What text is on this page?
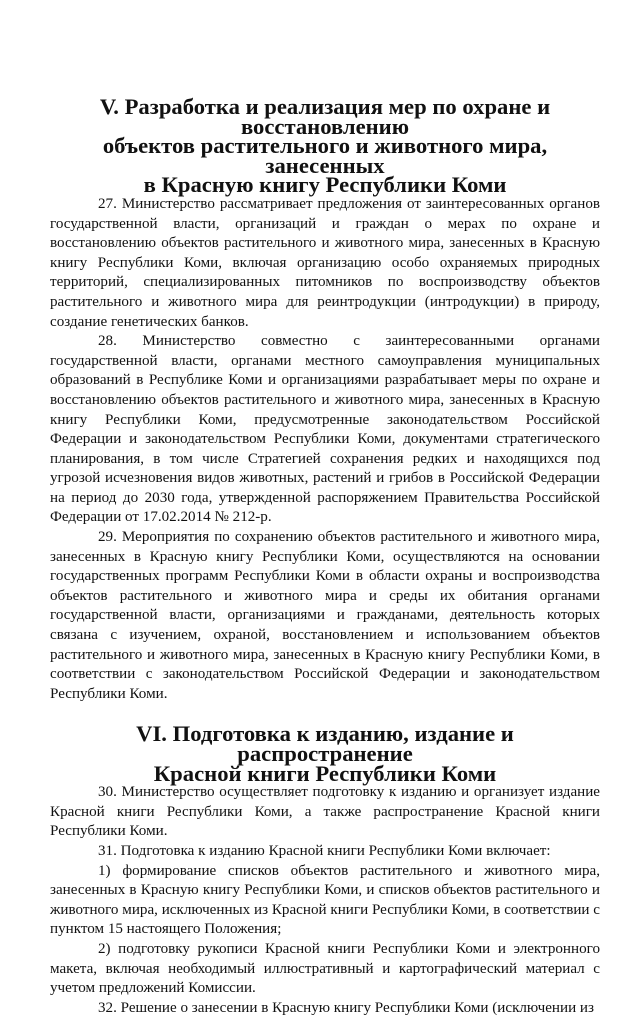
V. Разработка и реализация мер по охране и восстановлению
объектов растительного и животного мира, занесенных
в Красную книгу Республики Коми

27. Министерство рассматривает предложения от заинтересованных органов государственной власти, организаций и граждан о мерах по охране и восстановлению объектов растительного и животного мира, занесенных в Красную книгу Республики Коми, включая организацию особо охраняемых природных территорий, специализированных питомников по воспроизводству объектов растительного и животного мира для реинтродукции (интродукции) в природу, создание генетических банков.

28. Министерство совместно с заинтересованными органами государственной власти, органами местного самоуправления муниципальных образований в Республике Коми и организациями разрабатывает меры по охране и восстановлению объектов растительного и животного мира, занесенных в Красную книгу Республики Коми, предусмотренные законодательством Российской Федерации и законодательством Республики Коми, документами стратегического планирования, в том числе Стратегией сохранения редких и находящихся под угрозой исчезновения видов животных, растений и грибов в Российской Федерации на период до 2030 года, утвержденной распоряжением Правительства Российской Федерации от 17.02.2014 № 212-р.

29. Мероприятия по сохранению объектов растительного и животного мира, занесенных в Красную книгу Республики Коми, осуществляются на основании государственных программ Республики Коми в области охраны и воспроизводства объектов растительного и животного мира и среды их обитания органами государственной власти, организациями и гражданами, деятельность которых связана с изучением, охраной, восстановлением и использованием объектов растительного и животного мира, занесенных в Красную книгу Республики Коми, в соответствии с законодательством Российской Федерации и законодательством Республики Коми.

VI. Подготовка к изданию, издание и распространение
Красной книги Республики Коми

30. Министерство осуществляет подготовку к изданию и организует издание Красной книги Республики Коми, а также распространение Красной книги Республики Коми.

31. Подготовка к изданию Красной книги Республики Коми включает:

1) формирование списков объектов растительного и животного мира, занесенных в Красную книгу Республики Коми, и списков объектов растительного и животного мира, исключенных из Красной книги Республики Коми, в соответствии с пунктом 15 настоящего Положения;

2) подготовку рукописи Красной книги Республики Коми и электронного макета, включая необходимый иллюстративный и картографический материал с учетом предложений Комиссии.

32. Решение о занесении в Красную книгу Республики Коми (исключении из
